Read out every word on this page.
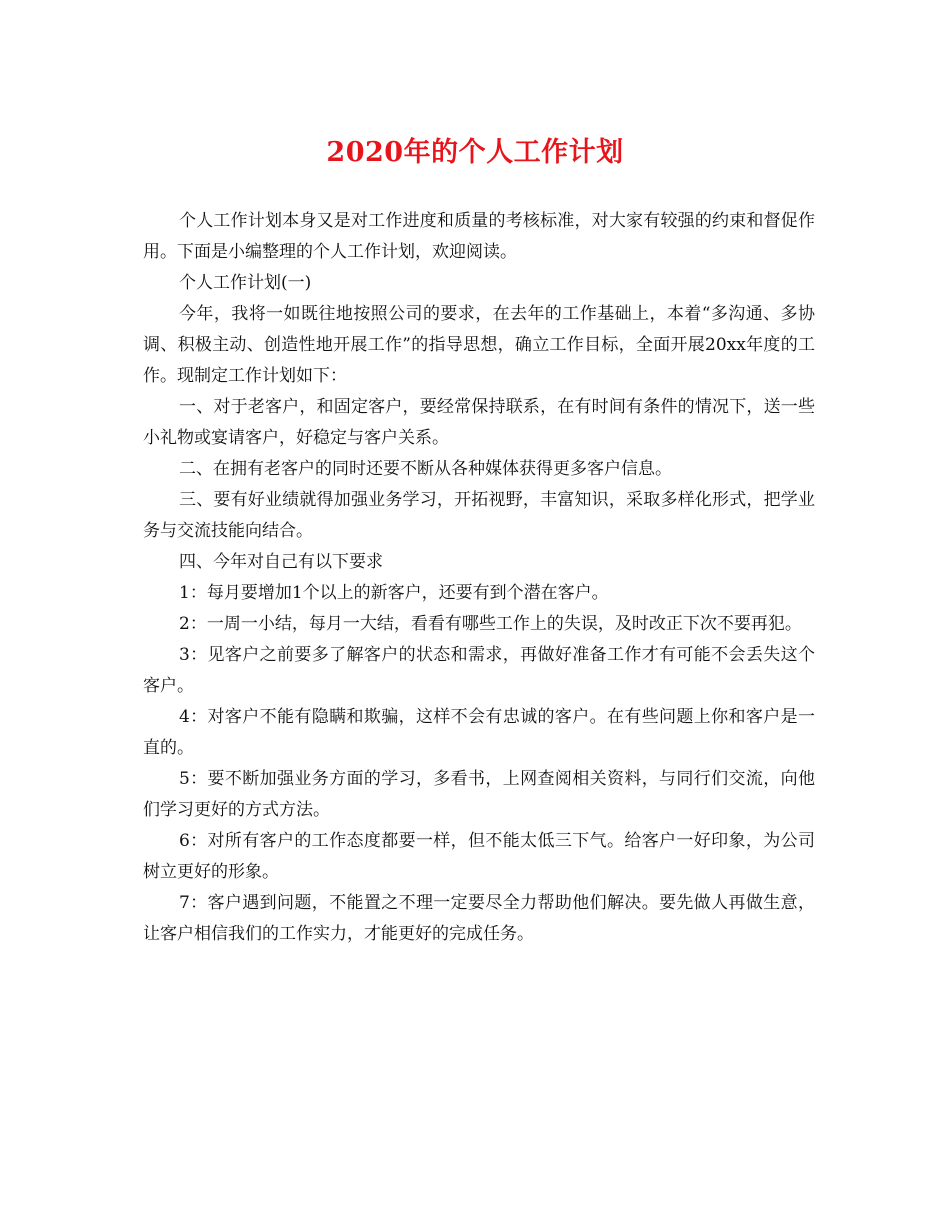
2020年的个人工作计划

个人工作计划本身又是对工作进度和质量的考核标准，对大家有较强的约束和督促作用。下面是小编整理的个人工作计划，欢迎阅读。

个人工作计划(一)

今年，我将一如既往地按照公司的要求，在去年的工作基础上，本着“多沟通、多协调、积极主动、创造性地开展工作”的指导思想，确立工作目标，全面开展20xx年度的工作。现制定工作计划如下：

一、对于老客户，和固定客户，要经常保持联系，在有时间有条件的情况下，送一些小礼物或宴请客户，好稳定与客户关系。

二、在拥有老客户的同时还要不断从各种媒体获得更多客户信息。

三、要有好业绩就得加强业务学习，开拓视野，丰富知识，采取多样化形式，把学业务与交流技能向结合。

四、今年对自己有以下要求

1：每月要增加1个以上的新客户，还要有到个潜在客户。

2：一周一小结，每月一大结，看看有哪些工作上的失误，及时改正下次不要再犯。

3：见客户之前要多了解客户的状态和需求，再做好准备工作才有可能不会丢失这个客户。

4：对客户不能有隐瞒和欺骗，这样不会有忠诚的客户。在有些问题上你和客户是一直的。

5：要不断加强业务方面的学习，多看书，上网查阅相关资料，与同行们交流，向他们学习更好的方式方法。

6：对所有客户的工作态度都要一样，但不能太低三下气。给客户一好印象，为公司树立更好的形象。

7：客户遇到问题，不能置之不理一定要尽全力帮助他们解决。要先做人再做生意，让客户相信我们的工作实力，才能更好的完成任务。
